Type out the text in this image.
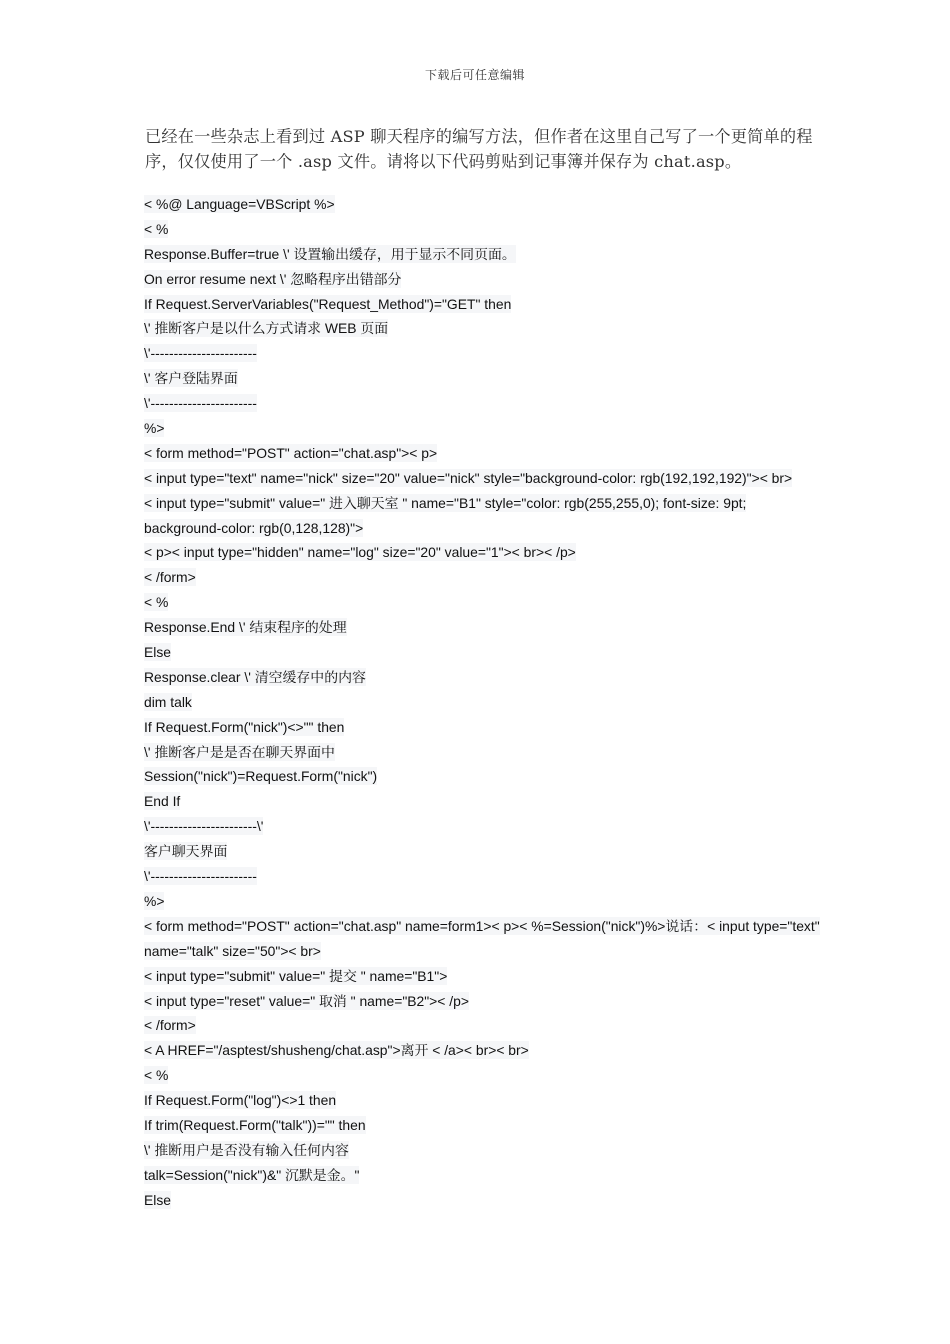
下载后可任意编辑

已经在一些杂志上看到过 ASP 聊天程序的编写方法，但作者在这里自己写了一个更简单的程序，仅仅使用了一个 .asp 文件。请将以下代码剪贴到记事簿并保存为 chat.asp。

< %@ Language=VBScript %>
< %
Response.Buffer=true \' 设置输出缓存，用于显示不同页面。
On error resume next \' 忽略程序出错部分
If Request.ServerVariables("Request_Method")="GET" then
\' 推断客户是以什么方式请求 WEB 页面
\'-----------------------
\' 客户登陆界面
\'-----------------------
%>
< form method="POST" action="chat.asp">< p>
< input type="text" name="nick" size="20" value="nick" style="background-color: rgb(192,192,192)">< br>
< input type="submit" value=" 进入聊天室 " name="B1" style="color: rgb(255,255,0); font-size: 9pt;
background-color: rgb(0,128,128)">
< p>< input type="hidden" name="log" size="20" value="1">< br>< /p>
< /form>
< %
Response.End \' 结束程序的处理
Else
Response.clear \' 清空缓存中的内容
dim talk
If Request.Form("nick")<>"" then
\' 推断客户是是否在聊天界面中
Session("nick")=Request.Form("nick")
End If
\'-----------------------\'
客户聊天界面
\'-----------------------
%>
< form method="POST" action="chat.asp" name=form1>< p>< %=Session("nick")%>说话：< input type="text"
name="talk" size="50">< br>
< input type="submit" value=" 提交 " name="B1">
< input type="reset" value=" 取消 " name="B2">< /p>
< /form>
< A HREF="/asptest/shusheng/chat.asp">离开 < /a>< br>< br>
< %
If Request.Form("log")<>1 then
If trim(Request.Form("talk"))="" then
\' 推断用户是否没有输入任何内容
talk=Session("nick")&" 沉默是金。"
Else
